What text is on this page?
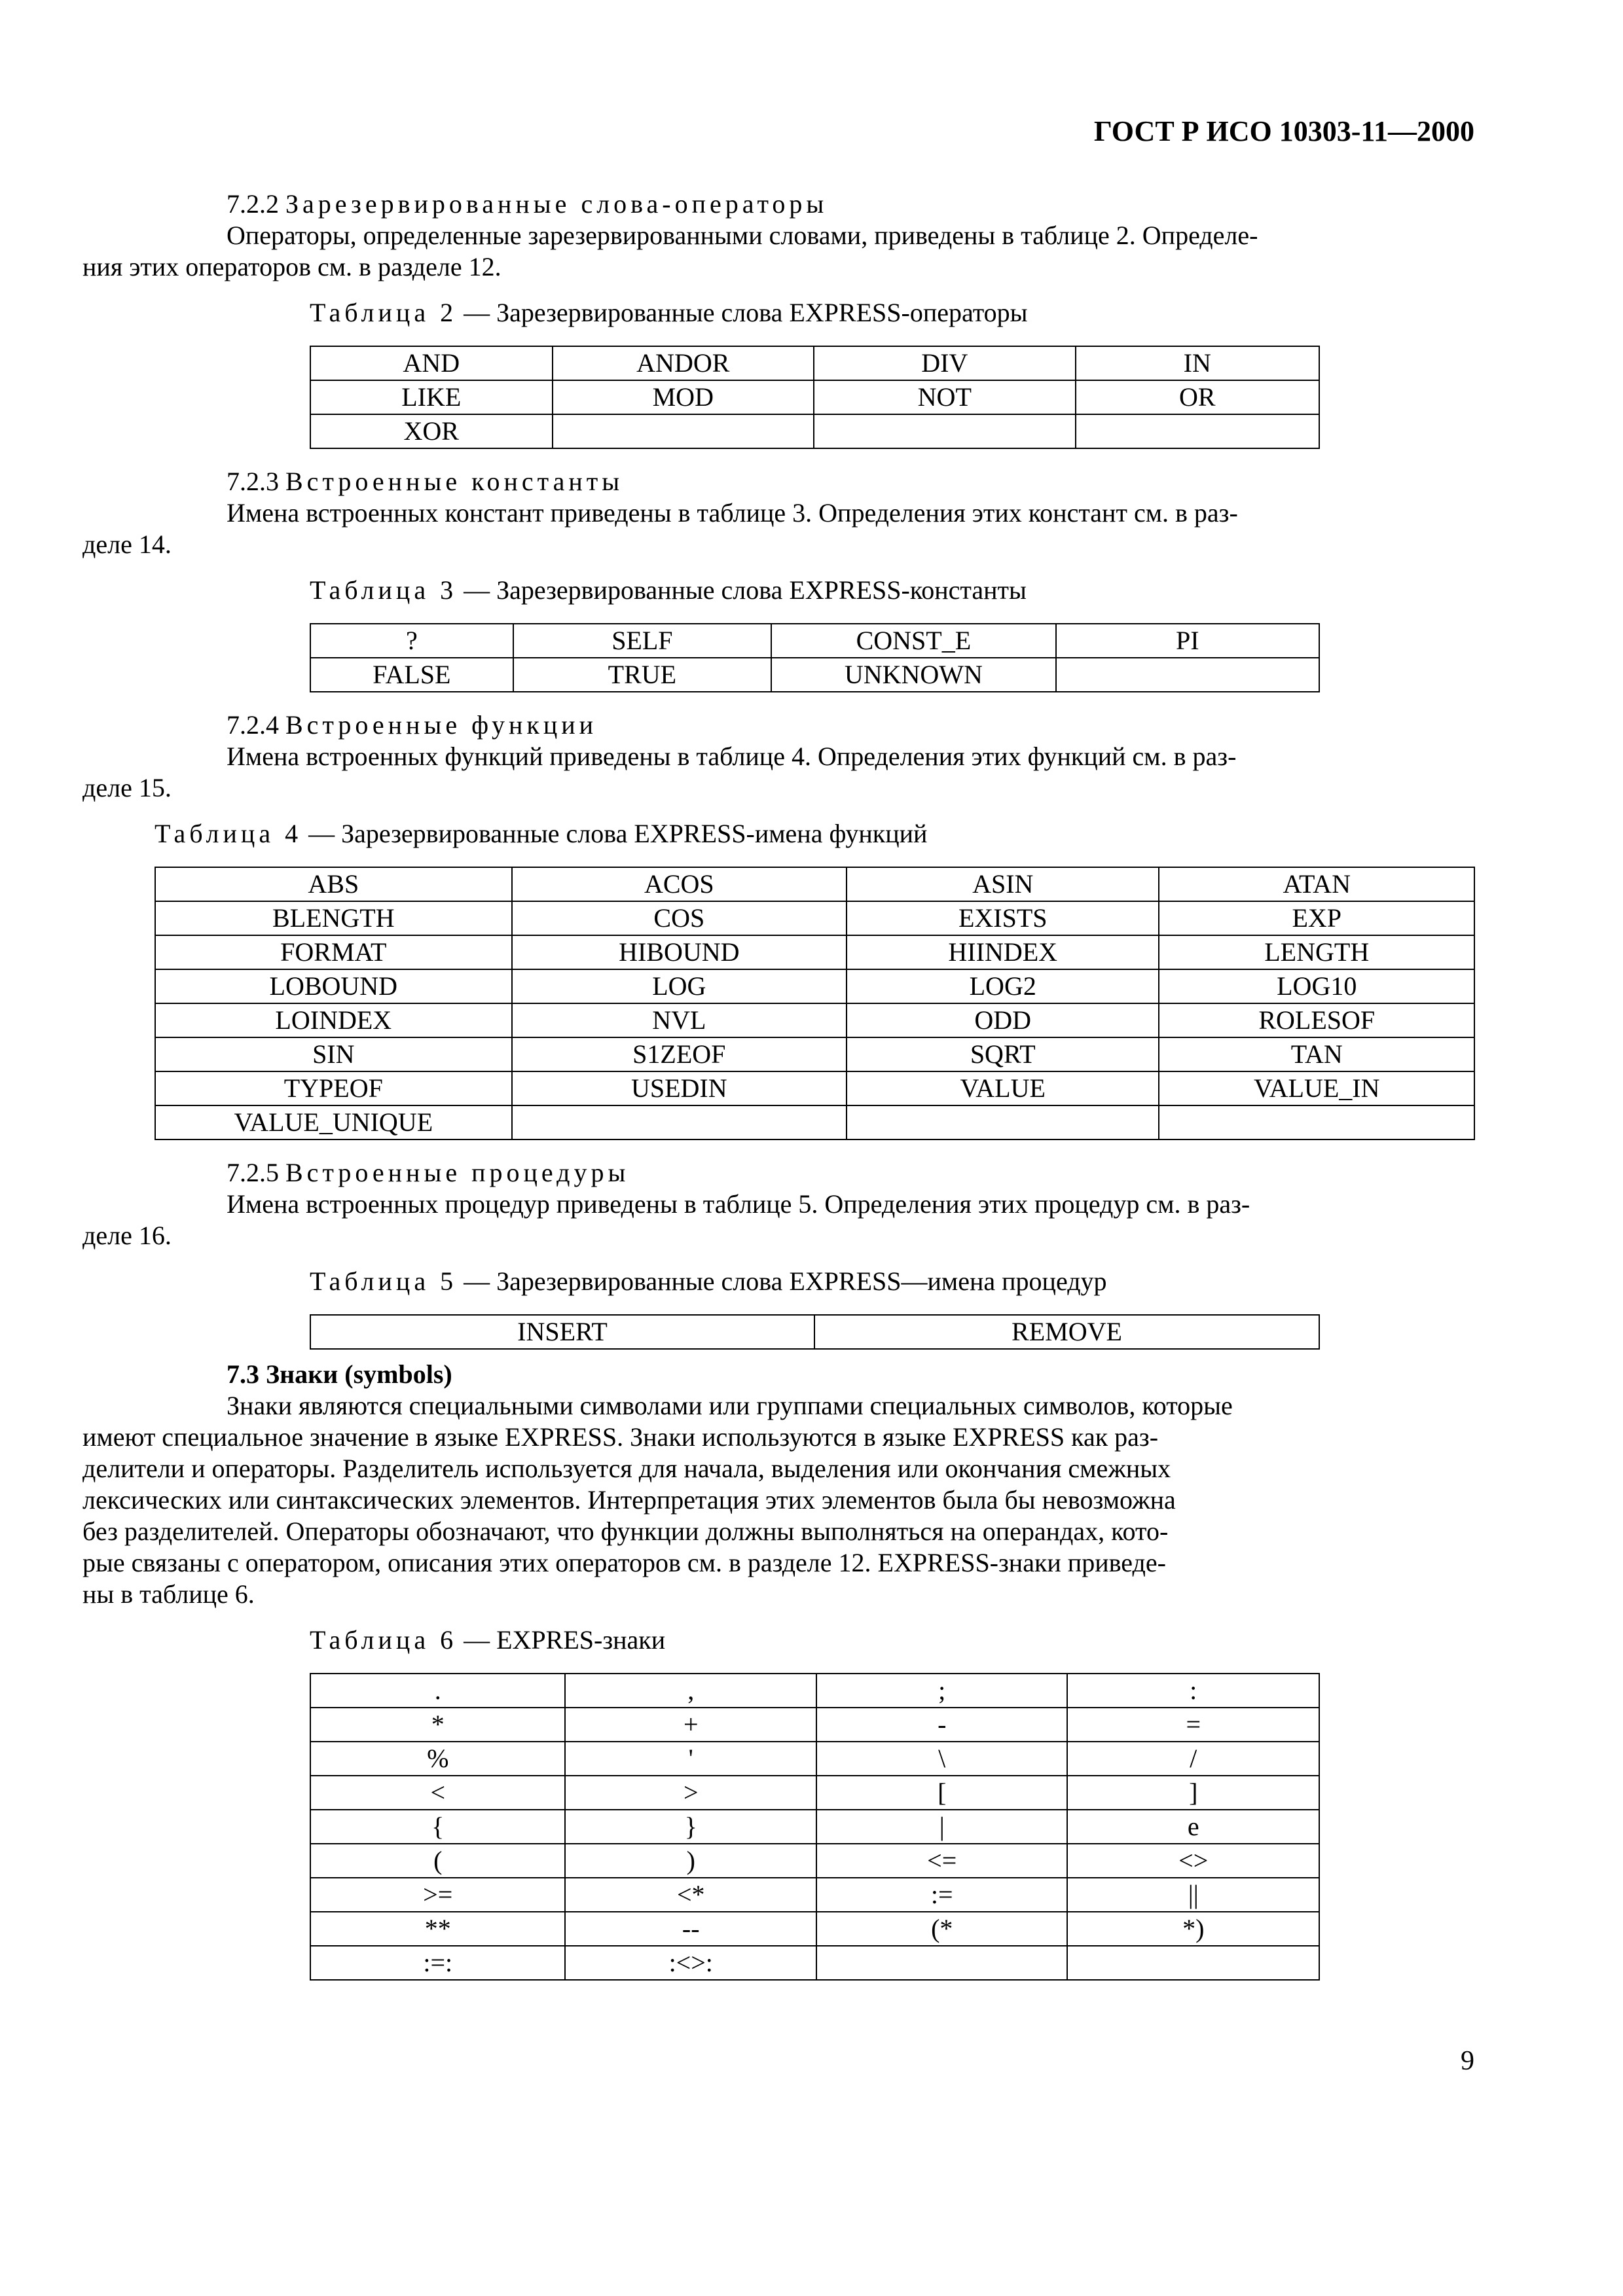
ГОСТ Р ИСО 10303-11—2000

7.2.2 Зарезервированные слова-операторы

Операторы, определенные зарезервированными словами, приведены в таблице 2. Определе-
ния этих операторов см. в разделе 12.

Таблица 2 — Зарезервированные слова EXPRESS-операторы

AND	ANDOR	DIV	IN
LIKE	MOD	NOT	OR
XOR			

7.2.3 Встроенные константы

Имена встроенных констант приведены в таблице 3. Определения этих констант см. в раз-
деле 14.

Таблица 3 — Зарезервированные слова EXPRESS-константы

?	SELF	CONST_E	PI
FALSE	TRUE	UNKNOWN	

7.2.4 Встроенные функции

Имена встроенных функций приведены в таблице 4. Определения этих функций см. в раз-
деле 15.

Таблица 4 — Зарезервированные слова EXPRESS-имена функций

ABS	ACOS	ASIN	ATAN
BLENGTH	COS	EXISTS	EXP
FORMAT	HIBOUND	HIINDEX	LENGTH
LOBOUND	LOG	LOG2	LOG10
LOINDEX	NVL	ODD	ROLESOF
SIN	S1ZEOF	SQRT	TAN
TYPEOF	USEDIN	VALUE	VALUE_IN
VALUE_UNIQUE			

7.2.5 Встроенные процедуры

Имена встроенных процедур приведены в таблице 5. Определения этих процедур см. в раз-
деле 16.

Таблица 5 — Зарезервированные слова EXPRESS—имена процедур

INSERT	REMOVE

7.3 Знаки (symbols)

Знаки являются специальными символами или группами специальных символов, которые
имеют специальное значение в языке EXPRESS. Знаки используются в языке EXPRESS как раз-
делители и операторы. Разделитель используется для начала, выделения или окончания смежных
лексических или синтаксических элементов. Интерпретация этих элементов была бы невозможна
без разделителей. Операторы обозначают, что функции должны выполняться на операндах, кото-
рые связаны с оператором, описания этих операторов см. в разделе 12. EXPRESS-знаки приведе-
ны в таблице 6.

Таблица 6 — EXPRES-знаки

.	,	;	:
*	+	-	=
%	'	\	/
<	>	[	]
{	}	|	e
(	)	<=	<>
>=	<*	:=	||
**	--	(*	*)
:=:	:<>:		
9
